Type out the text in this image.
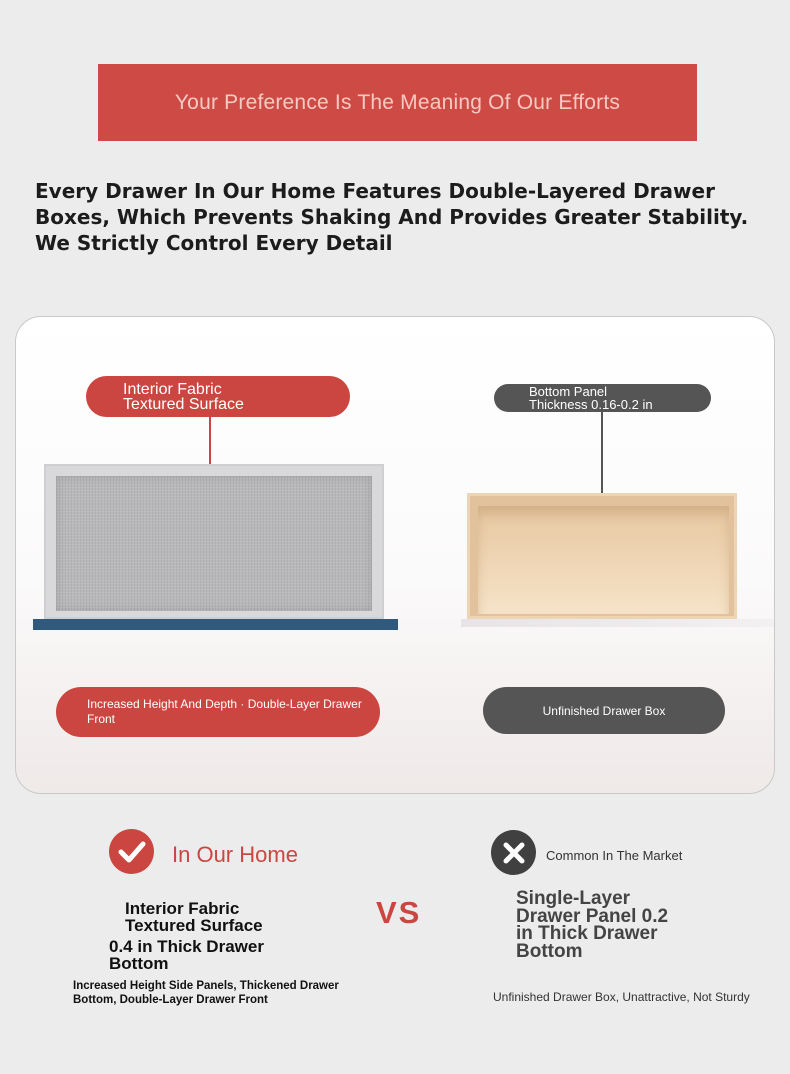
Your Preference Is The Meaning Of Our Efforts

Every Drawer In Our Home Features Double-Layered Drawer Boxes, Which Prevents Shaking And Provides Greater Stability. We Strictly Control Every Detail

Interior Fabric
Textured Surface
Bottom Panel
Thickness 0.16-0.2 in
Increased Height And Depth · Double-Layer Drawer Front
Unfinished Drawer Box
In Our Home
Interior Fabric
Textured Surface
0.4 in Thick Drawer Bottom
Increased Height Side Panels, Thickened Drawer Bottom, Double-Layer Drawer Front
VS
Common In The Market
Single-Layer
Drawer Panel 0.2
in Thick Drawer
Bottom
Unfinished Drawer Box, Unattractive, Not Sturdy
